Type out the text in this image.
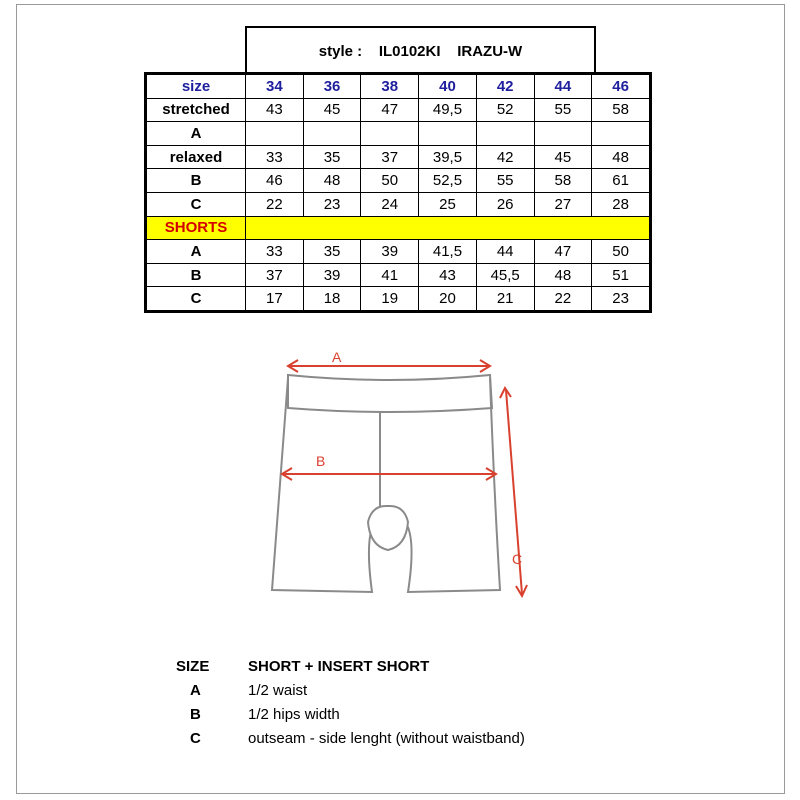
style :
IL0102KI
IRAZU-W
size	34	36	38	40	42	44	46
stretched	43	45	47	49,5	52	55	58
A							
relaxed	33	35	37	39,5	42	45	48
B	46	48	50	52,5	55	58	61
C	22	23	24	25	26	27	28
SHORTS							
A	33	35	39	41,5	44	47	50
B	37	39	41	43	45,5	48	51
C	17	18	19	20	21	22	23
A
B
C
SIZE	SHORT + INSERT SHORT
A	1/2 waist
B	1/2 hips width
C	outseam - side lenght (without waistband)
